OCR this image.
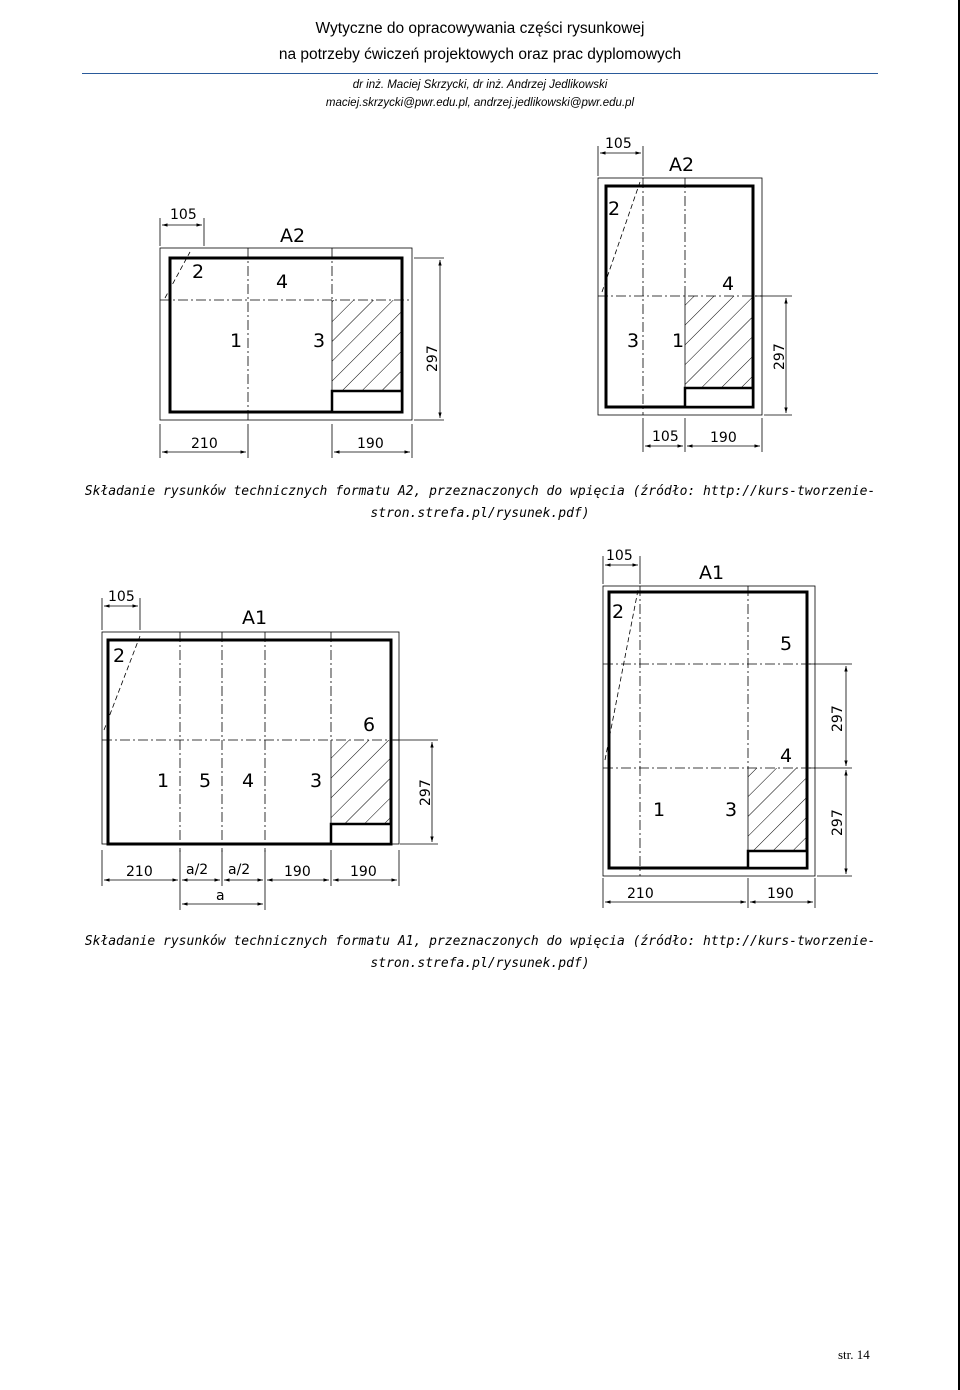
Wytyczne do opracowywania części rysunkowej
na potrzeby ćwiczeń projektowych oraz prac dyplomowych
dr inż. Maciej Skrzycki, dr inż. Andrzej Jedlikowski
maciej.skrzycki@pwr.edu.pl, andrzej.jedlikowski@pwr.edu.pl
A2
2	4
1	3
105
297
210	190
A2
2
4
3 1
105
297
105 190
A1
2
6
1 5 4	3
105
297
210 a/2 a/2 190	190
a
A1
2
5
4
1	3
105
297
297
210	190
Składanie rysunków technicznych formatu A2, przeznaczonych do wpięcia (źródło: http://kurs-tworzenie-
stron.strefa.pl/rysunek.pdf)
Składanie rysunków technicznych formatu A1, przeznaczonych do wpięcia (źródło: http://kurs-tworzenie-
stron.strefa.pl/rysunek.pdf)
str. 14
